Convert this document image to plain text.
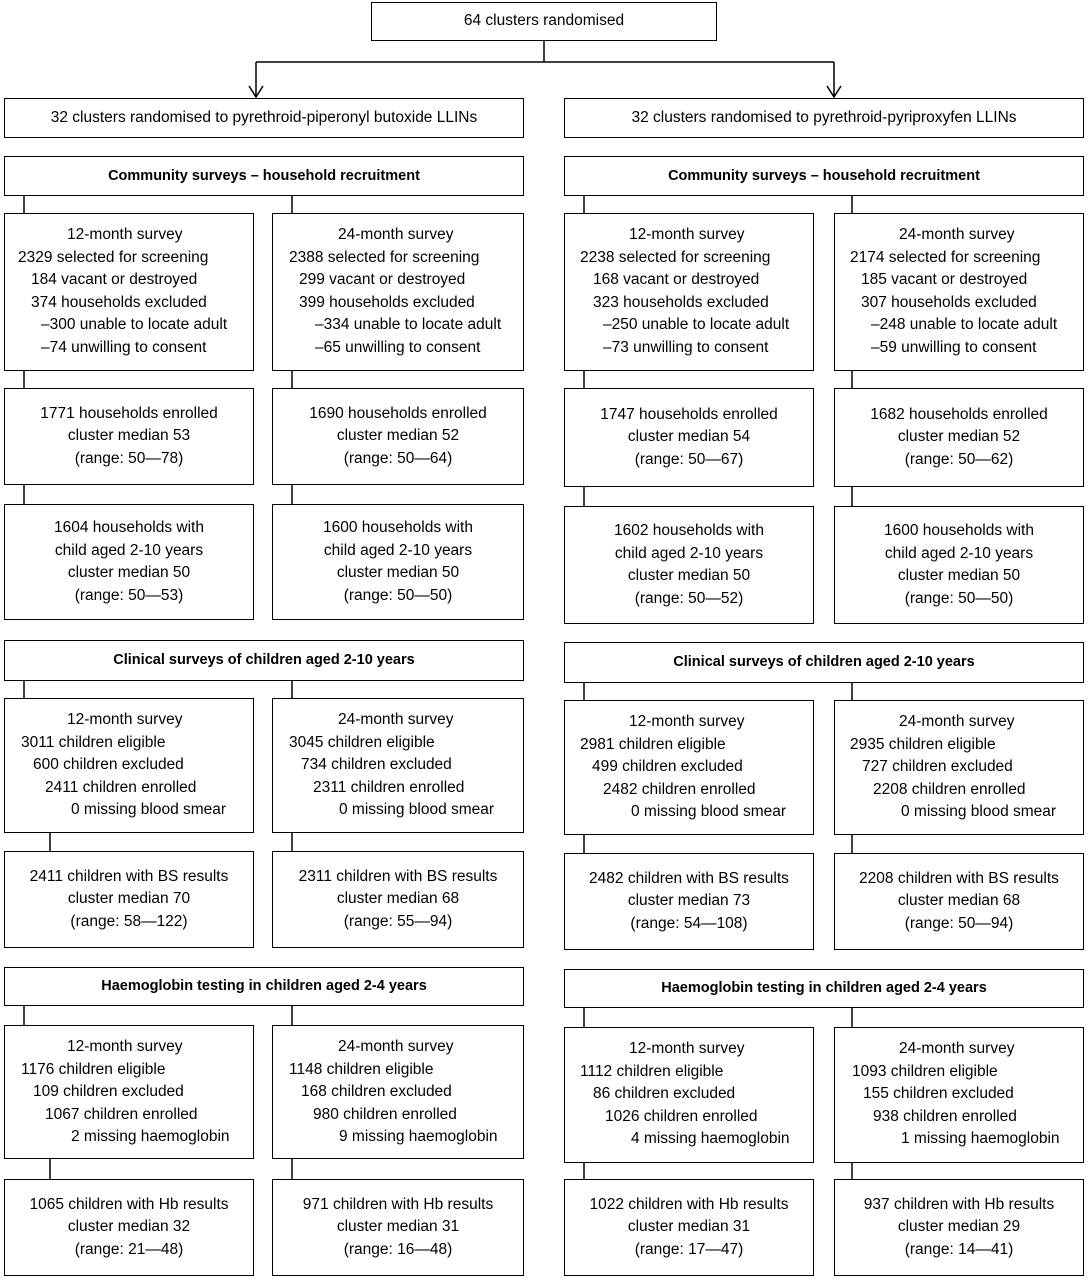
64 clusters randomised
32 clusters randomised to pyrethroid-piperonyl butoxide LLINs
Community surveys – household recruitment
12-month survey
2329 selected for screening
184 vacant or destroyed
374 households excluded
–300 unable to locate adult
–74 unwilling to consent
24-month survey
2388 selected for screening
299 vacant or destroyed
399 households excluded
–334 unable to locate adult
–65 unwilling to consent
1771 households enrolled
cluster median 53
(range: 50—78)
1690 households enrolled
cluster median 52
(range: 50—64)
1604 households with
child aged 2-10 years
cluster median 50
(range: 50—53)
1600 households with
child aged 2-10 years
cluster median 50
(range: 50—50)
Clinical surveys of children aged 2-10 years
12-month survey
3011 children eligible
600 children excluded
2411 children enrolled
0 missing blood smear
24-month survey
3045 children eligible
734 children excluded
2311 children enrolled
0 missing blood smear
2411 children with BS results
cluster median 70
(range: 58—122)
2311 children with BS results
cluster median 68
(range: 55—94)
Haemoglobin testing in children aged 2-4 years
12-month survey
1176 children eligible
109 children excluded
1067 children enrolled
2 missing haemoglobin
24-month survey
1148 children eligible
168 children excluded
980 children enrolled
9 missing haemoglobin
1065 children with Hb results
cluster median 32
(range: 21—48)
971 children with Hb results
cluster median 31
(range: 16—48)
32 clusters randomised to pyrethroid-pyriproxyfen LLINs
Community surveys – household recruitment
12-month survey
2238 selected for screening
168 vacant or destroyed
323 households excluded
–250 unable to locate adult
–73 unwilling to consent
24-month survey
2174 selected for screening
185 vacant or destroyed
307 households excluded
–248 unable to locate adult
–59 unwilling to consent
1747 households enrolled
cluster median 54
(range: 50—67)
1682 households enrolled
cluster median 52
(range: 50—62)
1602 households with
child aged 2-10 years
cluster median 50
(range: 50—52)
1600 households with
child aged 2-10 years
cluster median 50
(range: 50—50)
Clinical surveys of children aged 2-10 years
12-month survey
2981 children eligible
499 children excluded
2482 children enrolled
0 missing blood smear
24-month survey
2935 children eligible
727 children excluded
2208 children enrolled
0 missing blood smear
2482 children with BS results
cluster median 73
(range: 54—108)
2208 children with BS results
cluster median 68
(range: 50—94)
Haemoglobin testing in children aged 2-4 years
12-month survey
1112 children eligible
86 children excluded
1026 children enrolled
4 missing haemoglobin
24-month survey
1093 children eligible
155 children excluded
938 children enrolled
1 missing haemoglobin
1022 children with Hb results
cluster median 31
(range: 17—47)
937 children with Hb results
cluster median 29
(range: 14—41)
